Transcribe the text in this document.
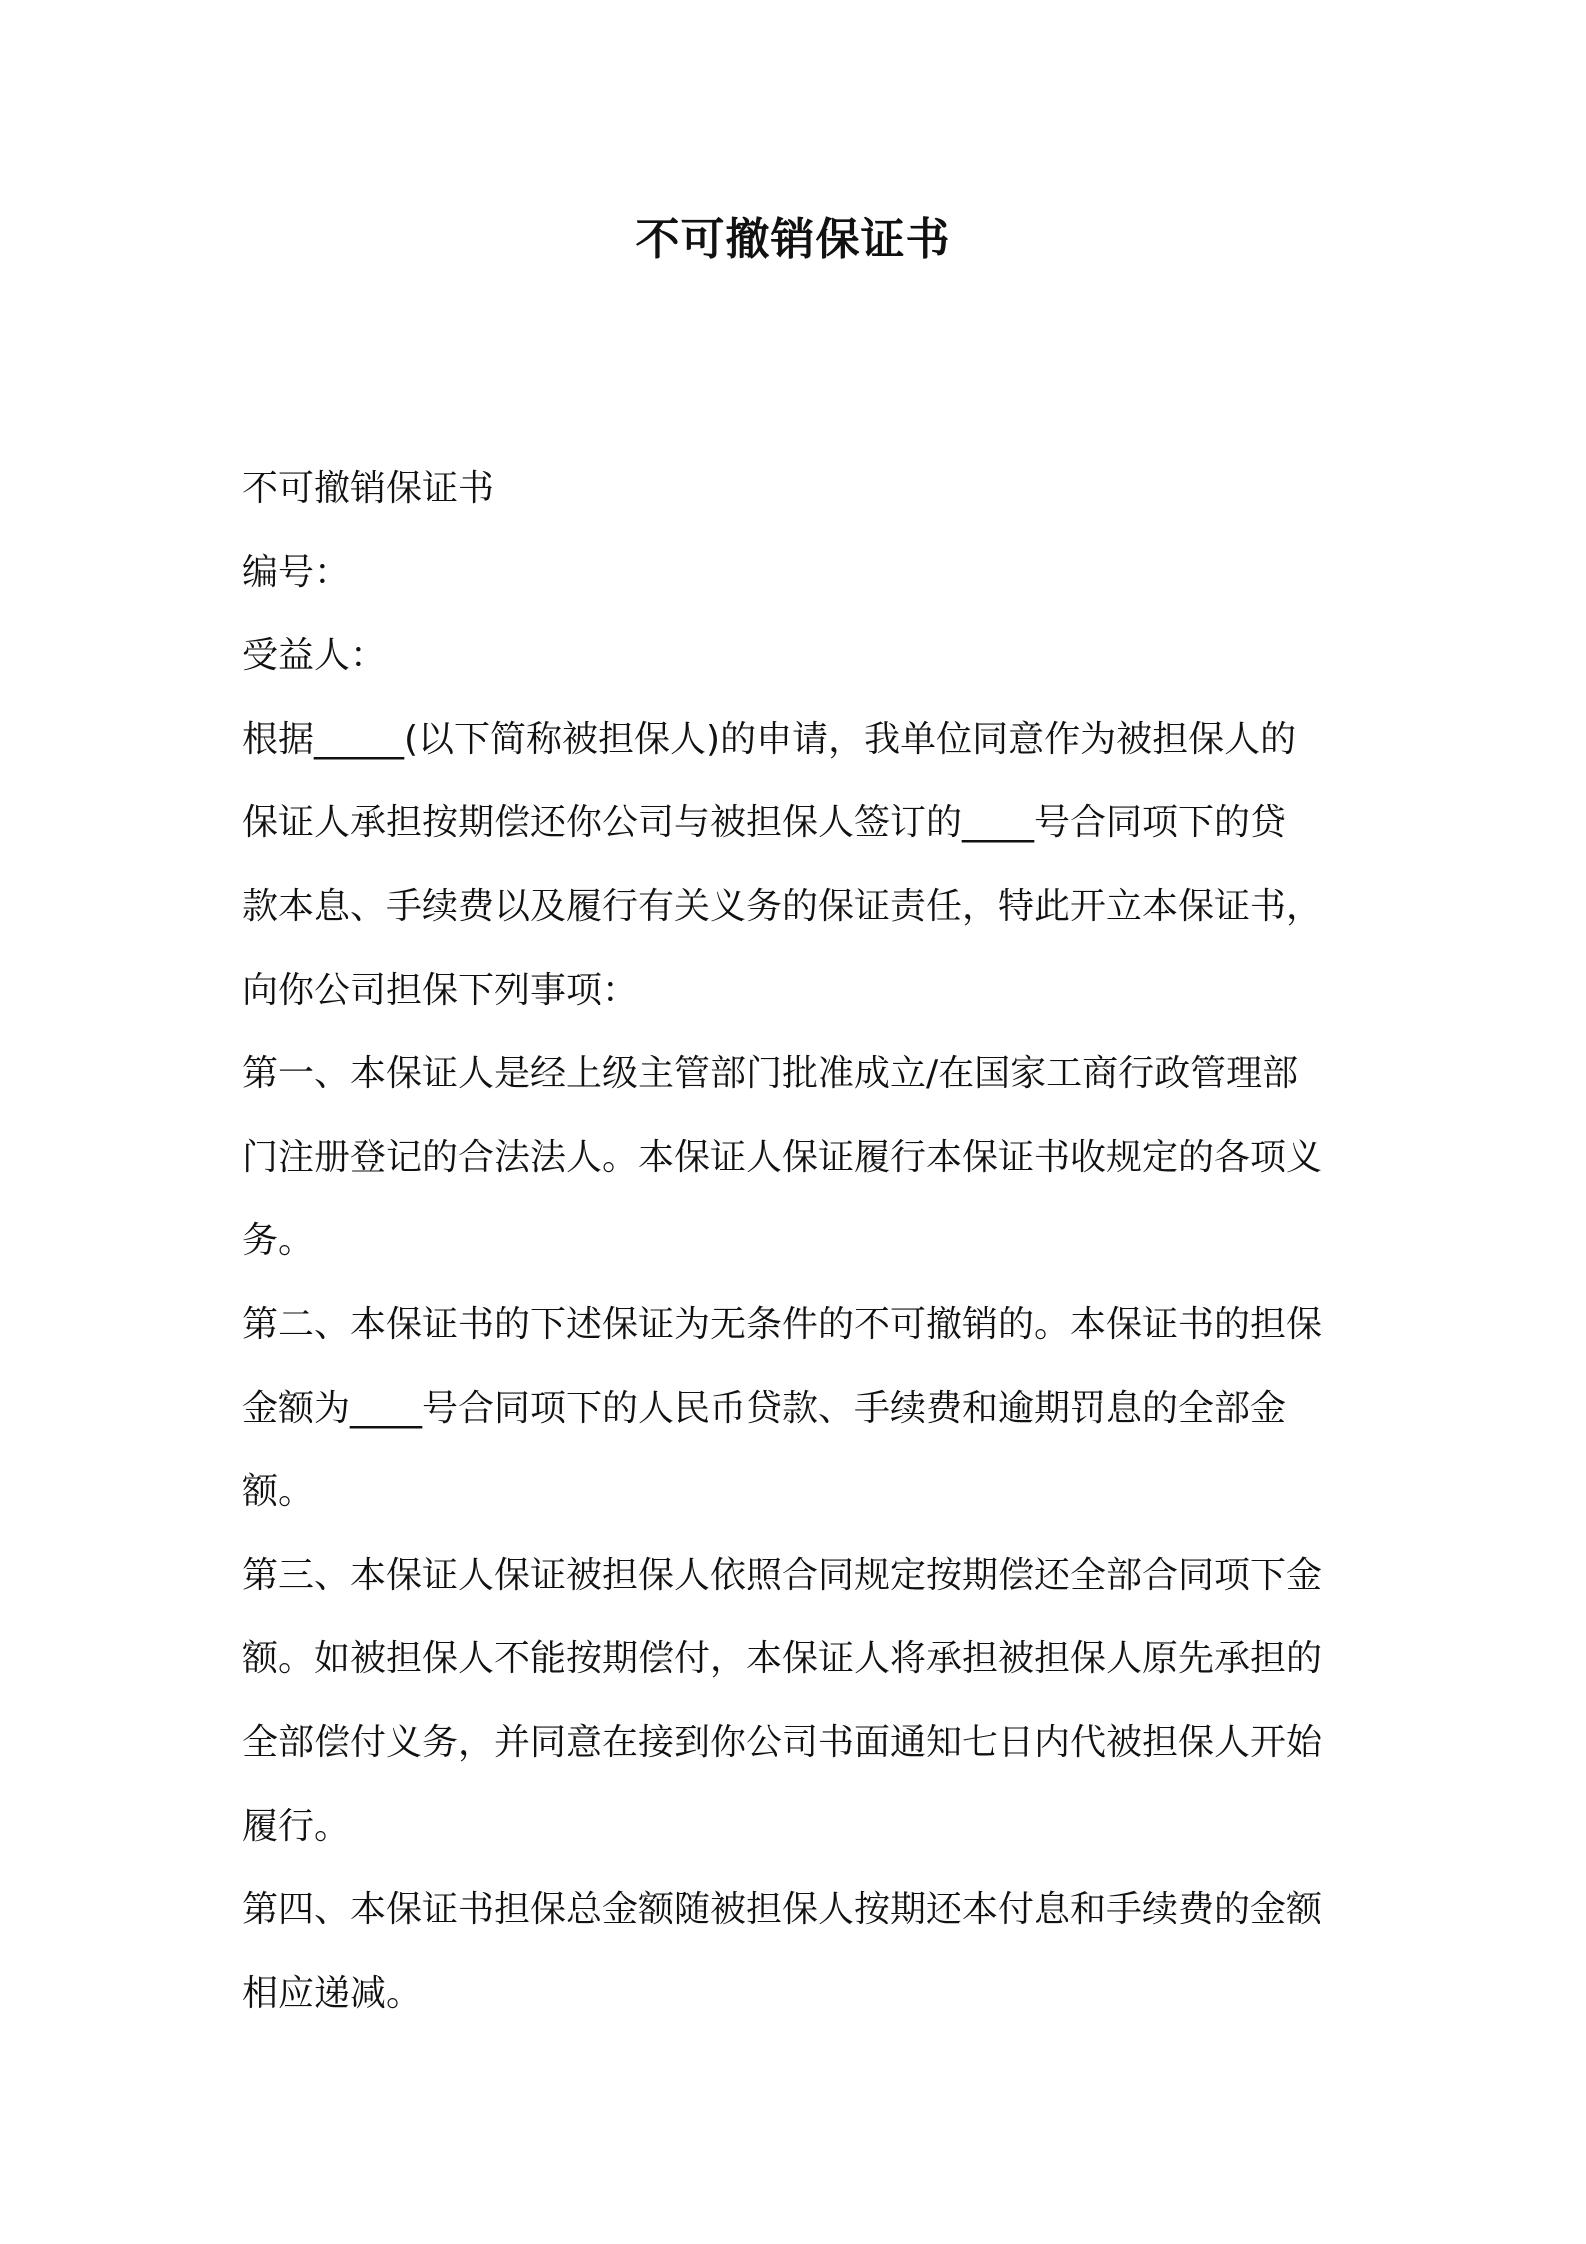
不可撤销保证书
不可撤销保证书
编号：
受益人：
根据_____(以下简称被担保人)的申请，我单位同意作为被担保人的
保证人承担按期偿还你公司与被担保人签订的____号合同项下的贷
款本息、手续费以及履行有关义务的保证责任，特此开立本保证书，
向你公司担保下列事项：
第一、本保证人是经上级主管部门批准成立/在国家工商行政管理部
门注册登记的合法法人。本保证人保证履行本保证书收规定的各项义
务。
第二、本保证书的下述保证为无条件的不可撤销的。本保证书的担保
金额为____号合同项下的人民币贷款、手续费和逾期罚息的全部金
额。
第三、本保证人保证被担保人依照合同规定按期偿还全部合同项下金
额。如被担保人不能按期偿付，本保证人将承担被担保人原先承担的
全部偿付义务，并同意在接到你公司书面通知七日内代被担保人开始
履行。
第四、本保证书担保总金额随被担保人按期还本付息和手续费的金额
相应递减。
